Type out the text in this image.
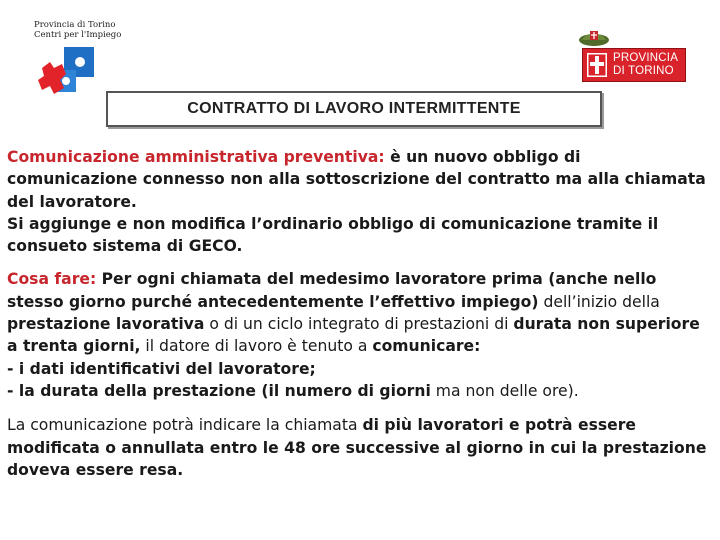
Provincia di Torino
Centri per l'Impiego
PROVINCIA
DI TORINO
CONTRATTO DI LAVORO INTERMITTENTE

Comunicazione amministrativa preventiva: è un nuovo obbligo di comunicazione connesso non alla sottoscrizione del contratto ma alla chiamata del lavoratore.

Si aggiunge e non modifica l’ordinario obbligo di comunicazione tramite il consueto sistema di GECO.

Cosa fare: Per ogni chiamata del medesimo lavoratore prima (anche nello stesso giorno purché antecedentemente l’effettivo impiego) dell’inizio della prestazione lavorativa o di un ciclo integrato di prestazioni di durata non superiore a trenta giorni, il datore di lavoro è tenuto a comunicare:

- i dati identificativi del lavoratore;

- la durata della prestazione (il numero di giorni ma non delle ore).

La comunicazione potrà indicare la chiamata di più lavoratori e potrà essere modificata o annullata entro le 48 ore successive al giorno in cui la prestazione doveva essere resa.
